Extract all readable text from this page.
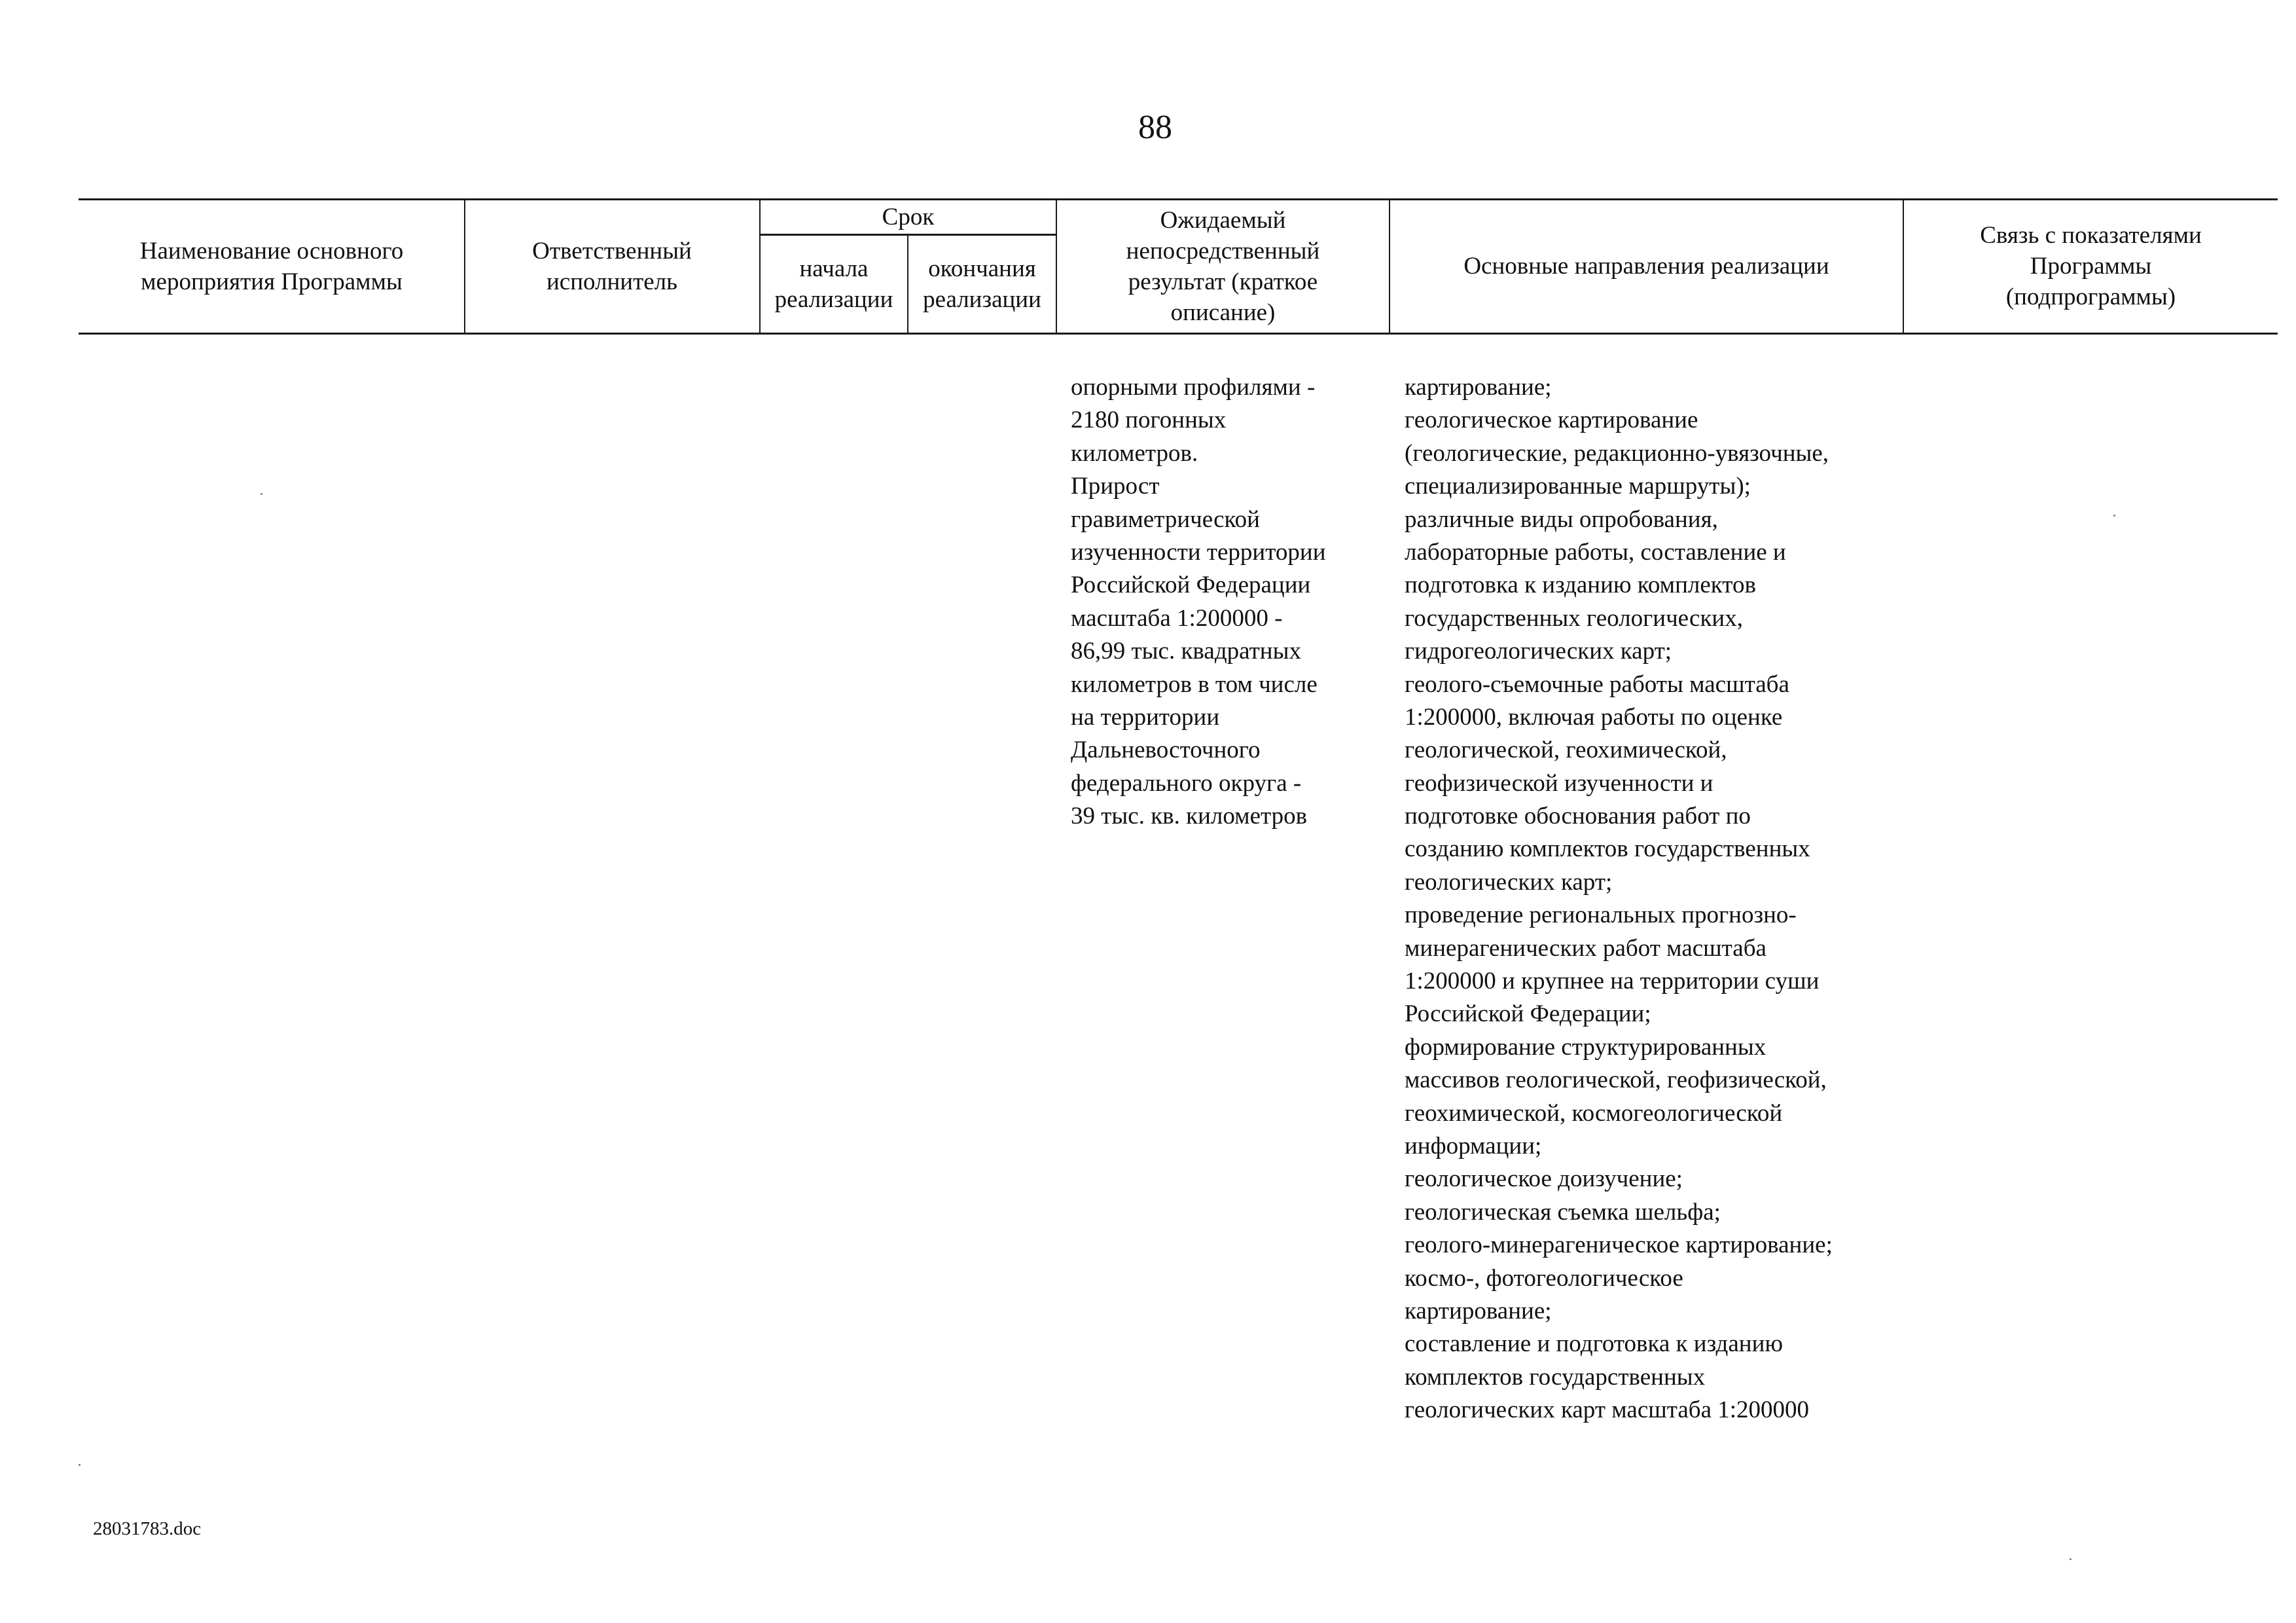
88
Наименование основного мероприятия Программы
Ответственный исполнитель
Срок
начала реализации
окончания реализации
Ожидаемый непосредственный результат (краткое описание)
Основные направления реализации
Связь с показателями Программы (подпрограммы)
опорными профилями -
2180 погонных
километров.
Прирост
гравиметрической
изученности территории
Российской Федерации
масштаба 1:200000 -
86,99 тыс. квадратных
километров в том числе
на территории
Дальневосточного
федерального округа -
39 тыс. кв. километров
картирование;
геологическое картирование
(геологические, редакционно-увязочные,
специализированные маршруты);
различные виды опробования,
лабораторные работы, составление и
подготовка к изданию комплектов
государственных геологических,
гидрогеологических карт;
геолого-съемочные работы масштаба
1:200000, включая работы по оценке
геологической, геохимической,
геофизической изученности и
подготовке обоснования работ по
созданию комплектов государственных
геологических карт;
проведение региональных прогнозно-
минерагенических работ масштаба
1:200000 и крупнее на территории суши
Российской Федерации;
формирование структурированных
массивов геологической, геофизической,
геохимической, космогеологической
информации;
геологическое доизучение;
геологическая съемка шельфа;
геолого-минерагеническое картирование;
космо-, фотогеологическое
картирование;
составление и подготовка к изданию
комплектов государственных
геологических карт масштаба 1:200000
28031783.doc
